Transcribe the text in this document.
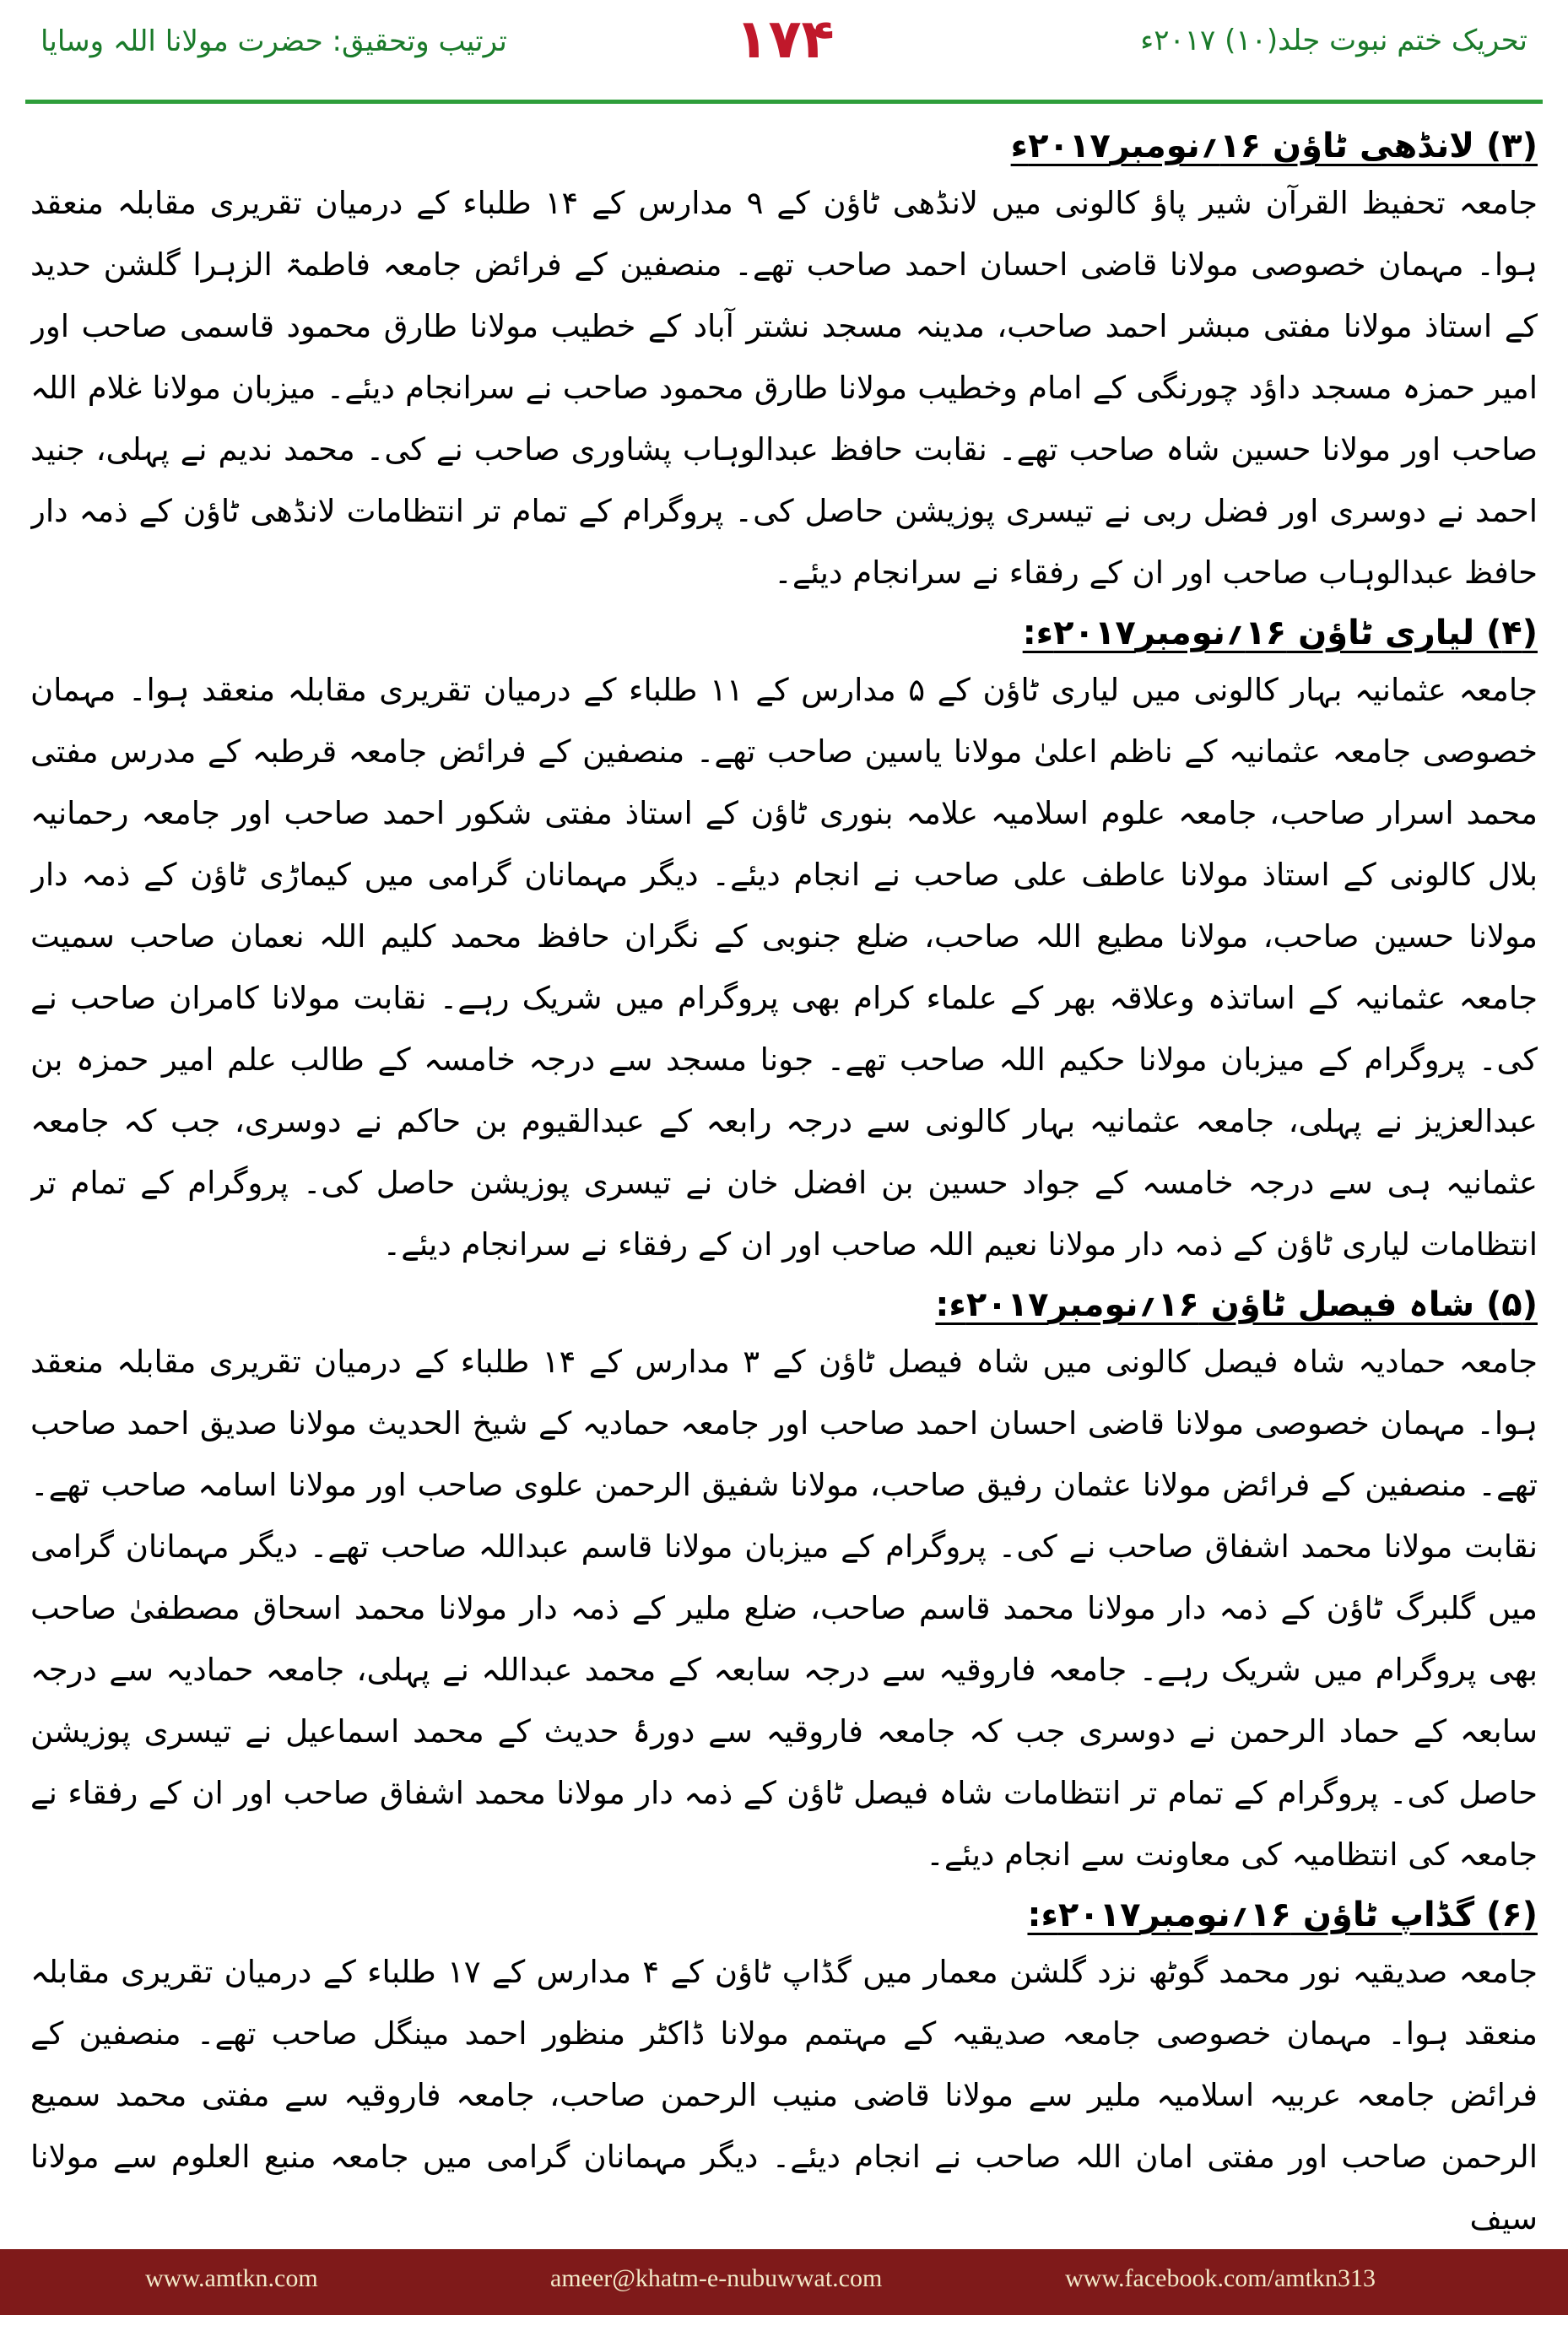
ترتیب وتحقیق: حضرت مولانا اللہ وسایا	۱۷۴	تحریک ختم نبوت جلد(۱۰) ۲۰۱۷ء
(۳) لانڈھی ٹاؤن ۱۶؍نومبر۲۰۱۷ء

جامعہ تحفیظ القرآن شیر پاؤ کالونی میں لانڈھی ٹاؤن کے ۹ مدارس کے ۱۴ طلباء کے درمیان تقریری مقابلہ منعقد ہوا۔ مہمان خصوصی مولانا قاضی احسان احمد صاحب تھے۔ منصفین کے فرائض جامعہ فاطمۃ الزہرا گلشن حدید کے استاذ مولانا مفتی مبشر احمد صاحب، مدینہ مسجد نشتر آباد کے خطیب مولانا طارق محمود قاسمی صاحب اور امیر حمزہ مسجد داؤد چورنگی کے امام وخطیب مولانا طارق محمود صاحب نے سرانجام دیئے۔ میزبان مولانا غلام اللہ صاحب اور مولانا حسین شاہ صاحب تھے۔ نقابت حافظ عبدالوہاب پشاوری صاحب نے کی۔ محمد ندیم نے پہلی، جنید احمد نے دوسری اور فضل ربی نے تیسری پوزیشن حاصل کی۔ پروگرام کے تمام تر انتظامات لانڈھی ٹاؤن کے ذمہ دار حافظ عبدالوہاب صاحب اور ان کے رفقاء نے سرانجام دیئے۔

(۴) لیاری ٹاؤن ۱۶؍نومبر۲۰۱۷ء:

جامعہ عثمانیہ بہار کالونی میں لیاری ٹاؤن کے ۵ مدارس کے ۱۱ طلباء کے درمیان تقریری مقابلہ منعقد ہوا۔ مہمان خصوصی جامعہ عثمانیہ کے ناظم اعلیٰ مولانا یاسین صاحب تھے۔ منصفین کے فرائض جامعہ قرطبہ کے مدرس مفتی محمد اسرار صاحب، جامعہ علوم اسلامیہ علامہ بنوری ٹاؤن کے استاذ مفتی شکور احمد صاحب اور جامعہ رحمانیہ بلال کالونی کے استاذ مولانا عاطف علی صاحب نے انجام دیئے۔ دیگر مہمانان گرامی میں کیماڑی ٹاؤن کے ذمہ دار مولانا حسین صاحب، مولانا مطیع اللہ صاحب، ضلع جنوبی کے نگران حافظ محمد کلیم اللہ نعمان صاحب سمیت جامعہ عثمانیہ کے اساتذہ وعلاقہ بھر کے علماء کرام بھی پروگرام میں شریک رہے۔ نقابت مولانا کامران صاحب نے کی۔ پروگرام کے میزبان مولانا حکیم اللہ صاحب تھے۔ جونا مسجد سے درجہ خامسہ کے طالب علم امیر حمزہ بن عبدالعزیز نے پہلی، جامعہ عثمانیہ بہار کالونی سے درجہ رابعہ کے عبدالقیوم بن حاکم نے دوسری، جب کہ جامعہ عثمانیہ ہی سے درجہ خامسہ کے جواد حسین بن افضل خان نے تیسری پوزیشن حاصل کی۔ پروگرام کے تمام تر انتظامات لیاری ٹاؤن کے ذمہ دار مولانا نعیم اللہ صاحب اور ان کے رفقاء نے سرانجام دیئے۔

(۵) شاہ فیصل ٹاؤن ۱۶؍نومبر۲۰۱۷ء:

جامعہ حمادیہ شاہ فیصل کالونی میں شاہ فیصل ٹاؤن کے ۳ مدارس کے ۱۴ طلباء کے درمیان تقریری مقابلہ منعقد ہوا۔ مہمان خصوصی مولانا قاضی احسان احمد صاحب اور جامعہ حمادیہ کے شیخ الحدیث مولانا صدیق احمد صاحب تھے۔ منصفین کے فرائض مولانا عثمان رفیق صاحب، مولانا شفیق الرحمن علوی صاحب اور مولانا اسامہ صاحب تھے۔ نقابت مولانا محمد اشفاق صاحب نے کی۔ پروگرام کے میزبان مولانا قاسم عبداللہ صاحب تھے۔ دیگر مہمانان گرامی میں گلبرگ ٹاؤن کے ذمہ دار مولانا محمد قاسم صاحب، ضلع ملیر کے ذمہ دار مولانا محمد اسحاق مصطفیٰ صاحب بھی پروگرام میں شریک رہے۔ جامعہ فاروقیہ سے درجہ سابعہ کے محمد عبداللہ نے پہلی، جامعہ حمادیہ سے درجہ سابعہ کے حماد الرحمن نے دوسری جب کہ جامعہ فاروقیہ سے دورۂ حدیث کے محمد اسماعیل نے تیسری پوزیشن حاصل کی۔ پروگرام کے تمام تر انتظامات شاہ فیصل ٹاؤن کے ذمہ دار مولانا محمد اشفاق صاحب اور ان کے رفقاء نے جامعہ کی انتظامیہ کی معاونت سے انجام دیئے۔

(۶) گڈاپ ٹاؤن ۱۶؍نومبر۲۰۱۷ء:

جامعہ صدیقیہ نور محمد گوٹھ نزد گلشن معمار میں گڈاپ ٹاؤن کے ۴ مدارس کے ۱۷ طلباء کے درمیان تقریری مقابلہ منعقد ہوا۔ مہمان خصوصی جامعہ صدیقیہ کے مہتمم مولانا ڈاکٹر منظور احمد مینگل صاحب تھے۔ منصفین کے فرائض جامعہ عربیہ اسلامیہ ملیر سے مولانا قاضی منیب الرحمن صاحب، جامعہ فاروقیہ سے مفتی محمد سمیع الرحمن صاحب اور مفتی امان اللہ صاحب نے انجام دیئے۔ دیگر مہمانان گرامی میں جامعہ منبع العلوم سے مولانا سیف

www.amtkn.com	ameer@khatm-e-nubuwwat.com	www.facebook.com/amtkn313
